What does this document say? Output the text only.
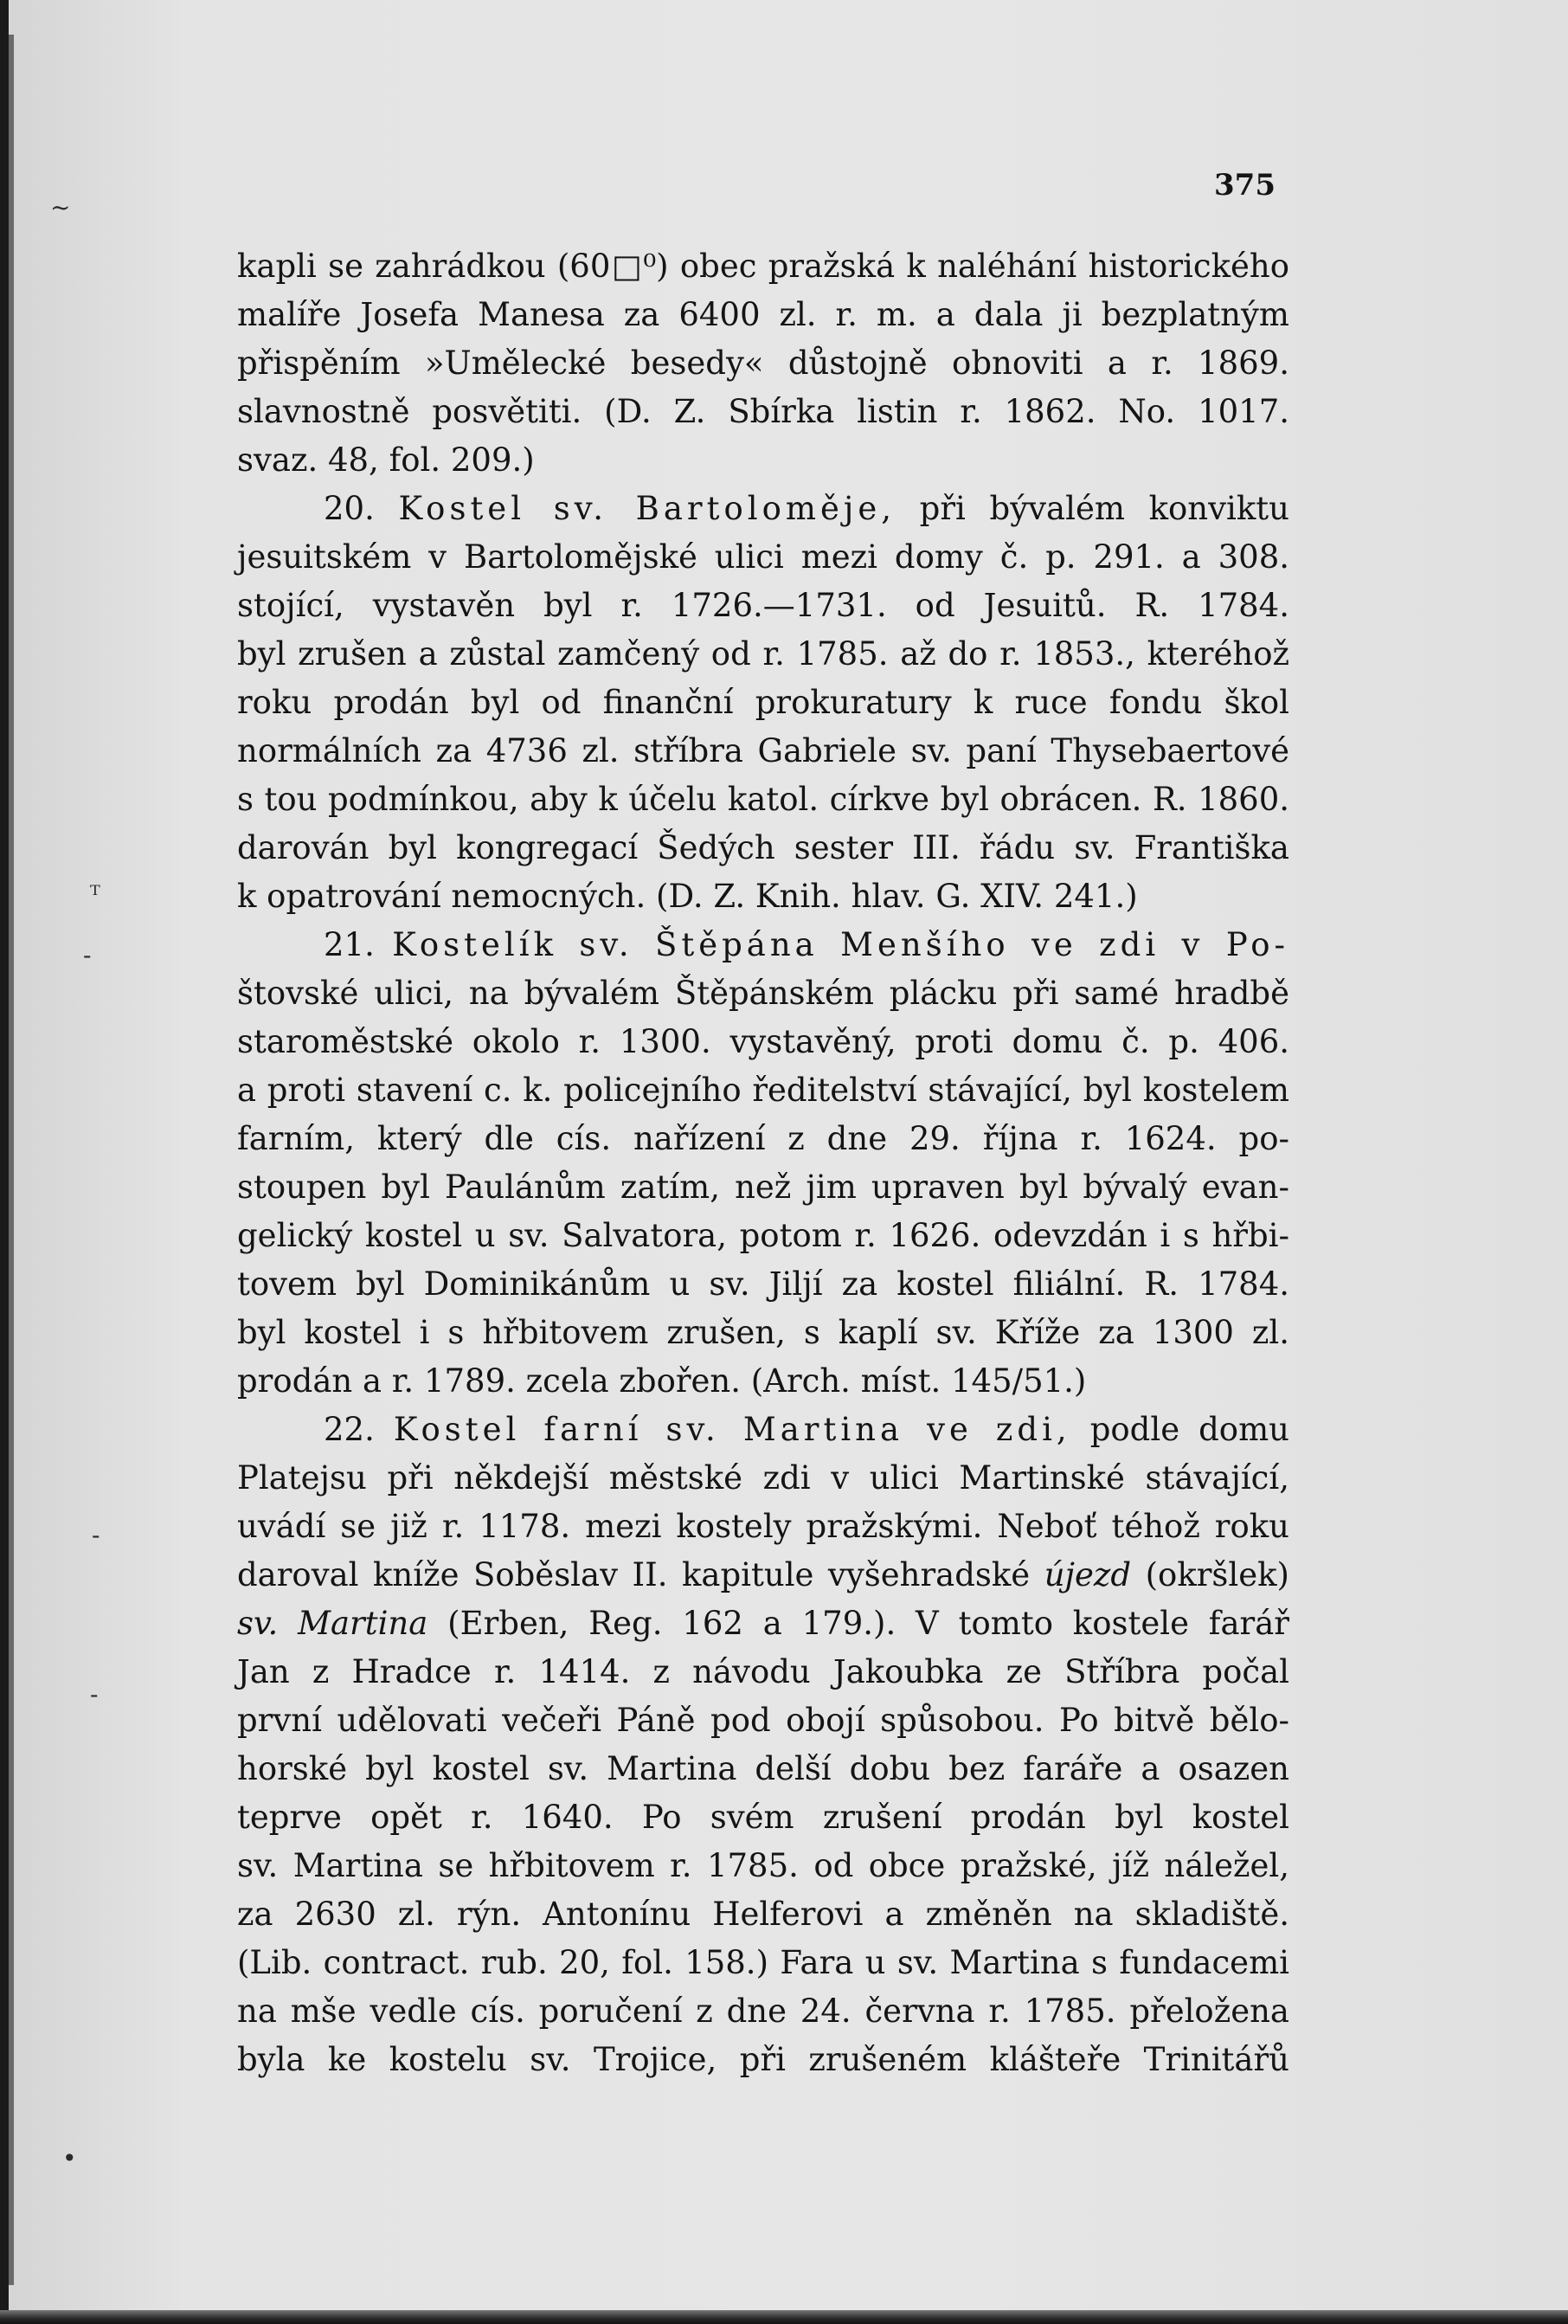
~
ᵀ
-
-
-
•
375
kapli se zahrádkou (60□⁰) obec pražská k naléhání historického
malíře Josefa Manesa za 6400 zl. r. m. a dala ji bezplatným
přispěním »Umělecké besedy« důstojně obnoviti a r. 1869.
slavnostně posvětiti. (D. Z. Sbírka listin r. 1862. No. 1017.
svaz. 48, fol. 209.)
20. Kostel sv. Bartoloměje, při bývalém konviktu
jesuitském v Bartolomějské ulici mezi domy č. p. 291. a 308.
stojící, vystavěn byl r. 1726.—1731. od Jesuitů. R. 1784.
byl zrušen a zůstal zamčený od r. 1785. až do r. 1853., kteréhož
roku prodán byl od finanční prokuratury k ruce fondu škol
normálních za 4736 zl. stříbra Gabriele sv. paní Thysebaertové
s tou podmínkou, aby k účelu katol. církve byl obrácen. R. 1860.
darován byl kongregací Šedých sester III. řádu sv. Františka
k opatrování nemocných. (D. Z. Knih. hlav. G. XIV. 241.)
21. Kostelík sv. Štěpána Menšího ve zdi v Po-
štovské ulici, na bývalém Štěpánském plácku při samé hradbě
staroměstské okolo r. 1300. vystavěný, proti domu č. p. 406.
a proti stavení c. k. policejního ředitelství stávající, byl kostelem
farním, který dle cís. nařízení z dne 29. října r. 1624. po-
stoupen byl Paulánům zatím, než jim upraven byl bývalý evan-
gelický kostel u sv. Salvatora, potom r. 1626. odevzdán i s hřbi-
tovem byl Dominikánům u sv. Jiljí za kostel filiální. R. 1784.
byl kostel i s hřbitovem zrušen, s kaplí sv. Kříže za 1300 zl.
prodán a r. 1789. zcela zbořen. (Arch. míst. 145/51.)
22. Kostel farní sv. Martina ve zdi, podle domu
Platejsu při někdejší městské zdi v ulici Martinské stávající,
uvádí se již r. 1178. mezi kostely pražskými. Neboť téhož roku
daroval kníže Soběslav II. kapitule vyšehradské újezd (okršlek)
sv. Martina (Erben, Reg. 162 a 179.). V tomto kostele farář
Jan z Hradce r. 1414. z návodu Jakoubka ze Stříbra počal
první udělovati večeři Páně pod obojí spůsobou. Po bitvě bělo-
horské byl kostel sv. Martina delší dobu bez faráře a osazen
teprve opět r. 1640. Po svém zrušení prodán byl kostel
sv. Martina se hřbitovem r. 1785. od obce pražské, jíž náležel,
za 2630 zl. rýn. Antonínu Helferovi a změněn na skladiště.
(Lib. contract. rub. 20, fol. 158.) Fara u sv. Martina s fundacemi
na mše vedle cís. poručení z dne 24. června r. 1785. přeložena
byla ke kostelu sv. Trojice, při zrušeném klášteře Trinitářů
